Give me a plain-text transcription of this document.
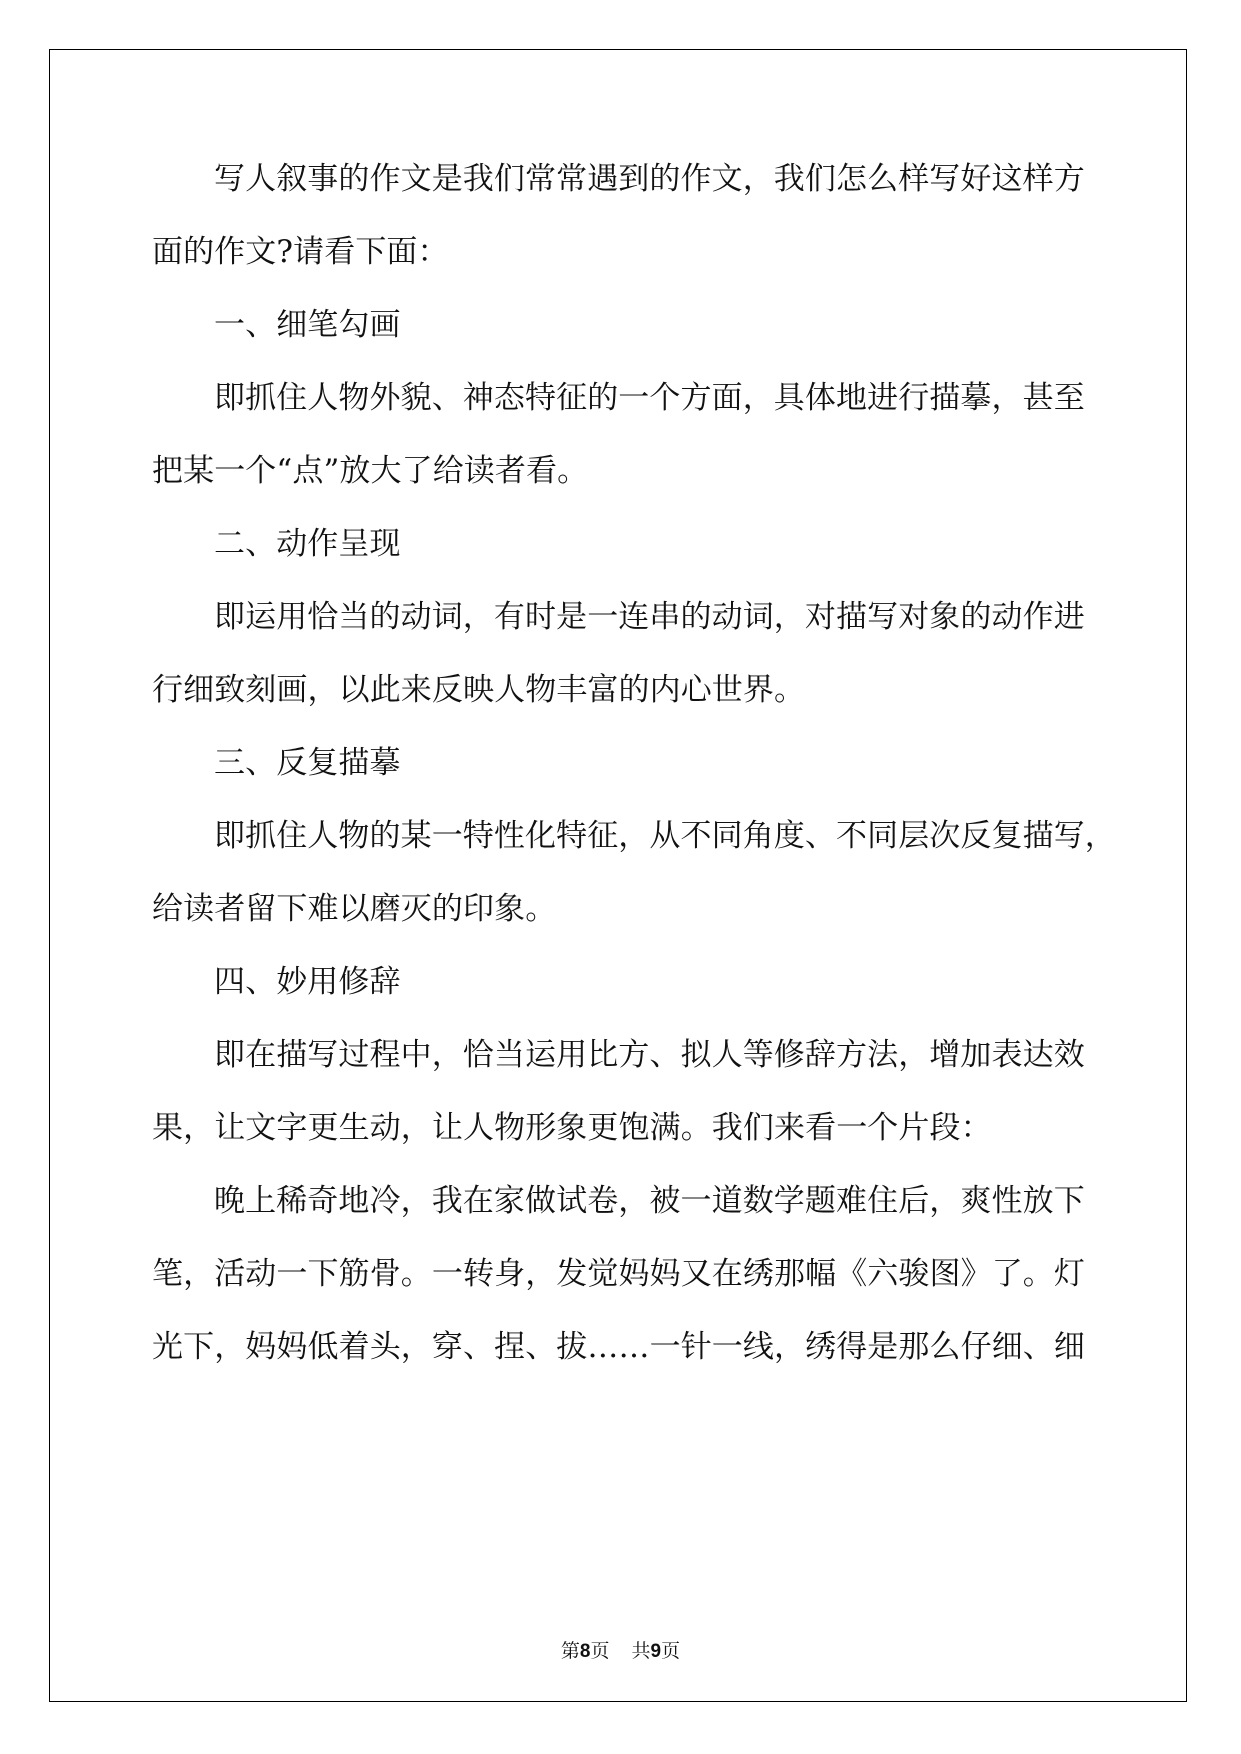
写人叙事的作文是我们常常遇到的作文，我们怎么样写好这样方
面的作文?请看下面：
一、细笔勾画
即抓住人物外貌、神态特征的一个方面，具体地进行描摹，甚至
把某一个“点”放大了给读者看。
二、动作呈现
即运用恰当的动词，有时是一连串的动词，对描写对象的动作进
行细致刻画，以此来反映人物丰富的内心世界。
三、反复描摹
即抓住人物的某一特性化特征，从不同角度、不同层次反复描写，
给读者留下难以磨灭的印象。
四、妙用修辞
即在描写过程中，恰当运用比方、拟人等修辞方法，增加表达效
果，让文字更生动，让人物形象更饱满。我们来看一个片段：
晚上稀奇地冷，我在家做试卷，被一道数学题难住后，爽性放下
笔，活动一下筋骨。一转身，发觉妈妈又在绣那幅《六骏图》了。灯
光下，妈妈低着头，穿、捏、拔……一针一线，绣得是那么仔细、细
第8页 共9页
